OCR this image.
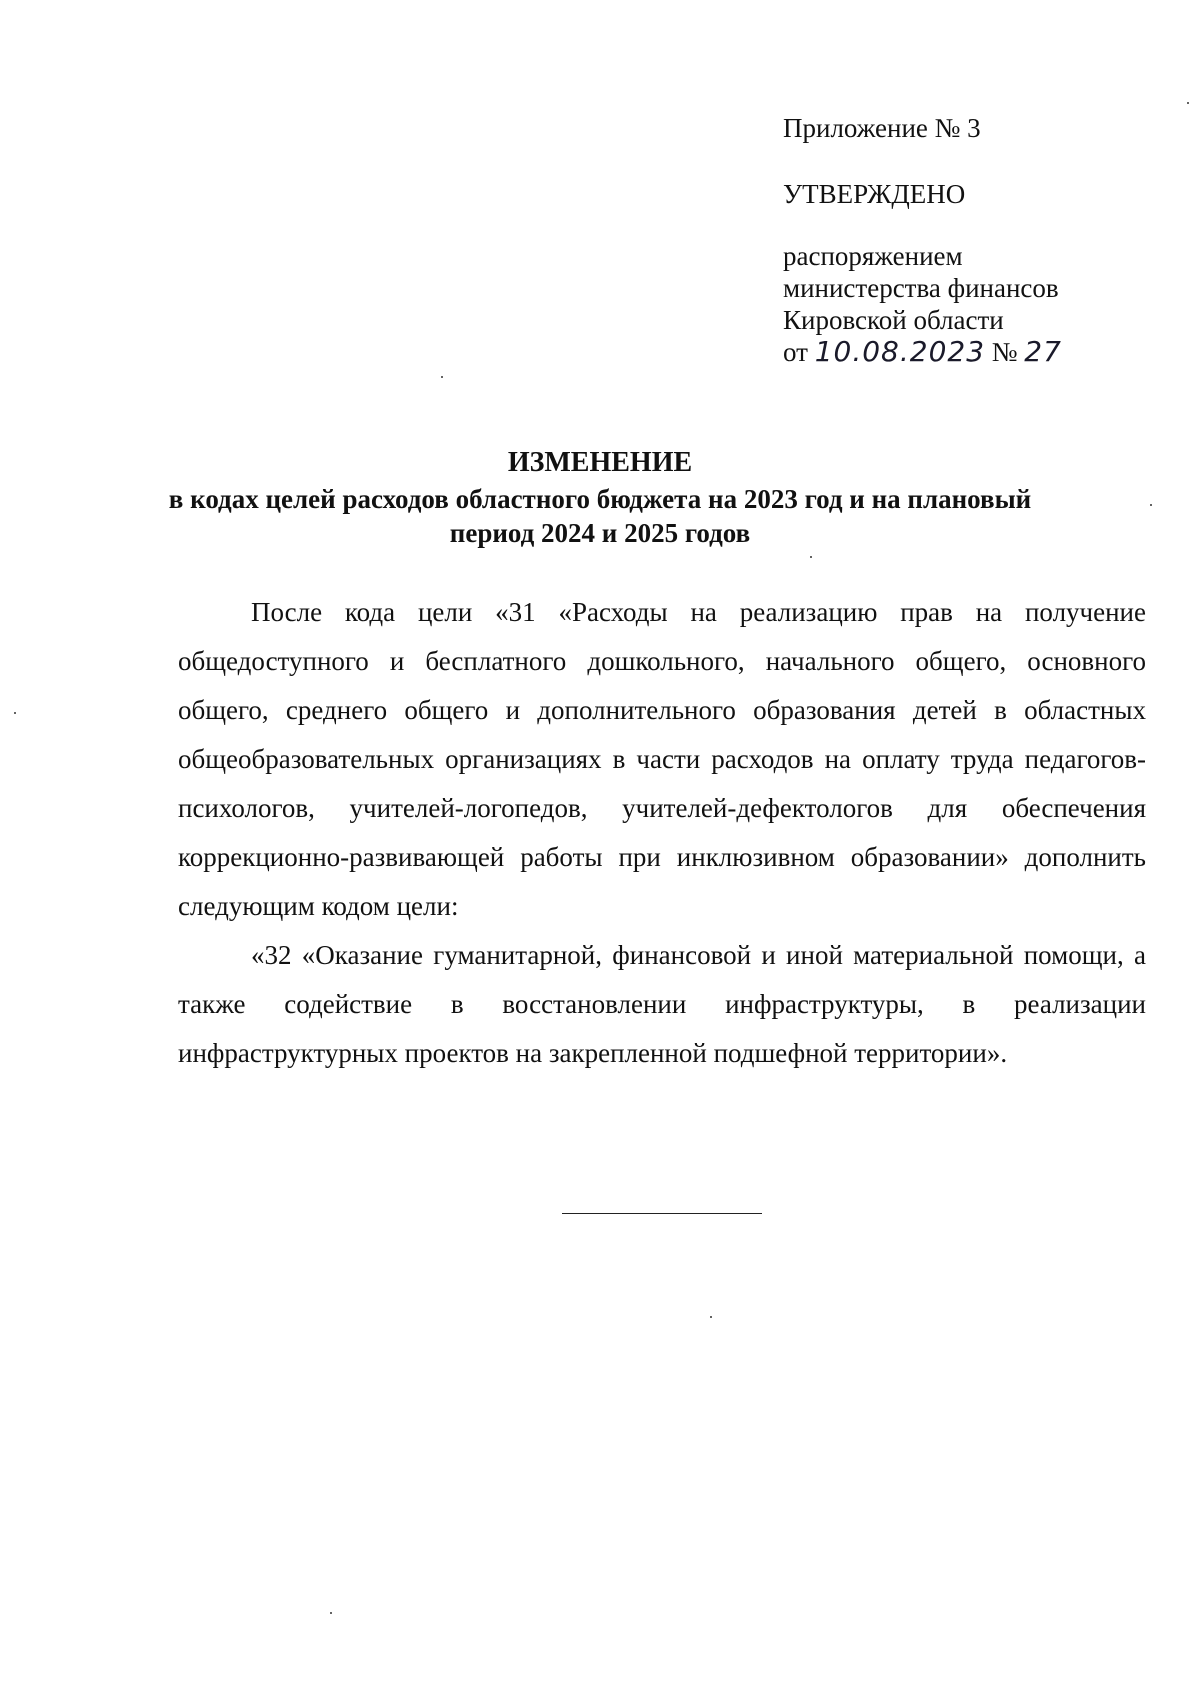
Приложение № 3
УТВЕРЖДЕНО
распоряжением
министерства финансов
Кировской области
от 10.08.2023 № 27
ИЗМЕНЕНИЕ
в кодах целей расходов областного бюджета на 2023 год и на плановый
период 2024 и 2025 годов

После кода цели «31 «Расходы на реализацию прав на получение общедоступного и бесплатного дошкольного, начального общего, основного общего, среднего общего и дополнительного образования детей в областных общеобразовательных организациях в части расходов на оплату труда педагогов-психологов, учителей-логопедов, учителей-дефектологов для обеспечения коррекционно-развивающей работы при инклюзивном образовании» дополнить следующим кодом цели:

«32 «Оказание гуманитарной, финансовой и иной материальной помощи, а также содействие в восстановлении инфраструктуры, в реализации инфраструктурных проектов на закрепленной подшефной территории».
